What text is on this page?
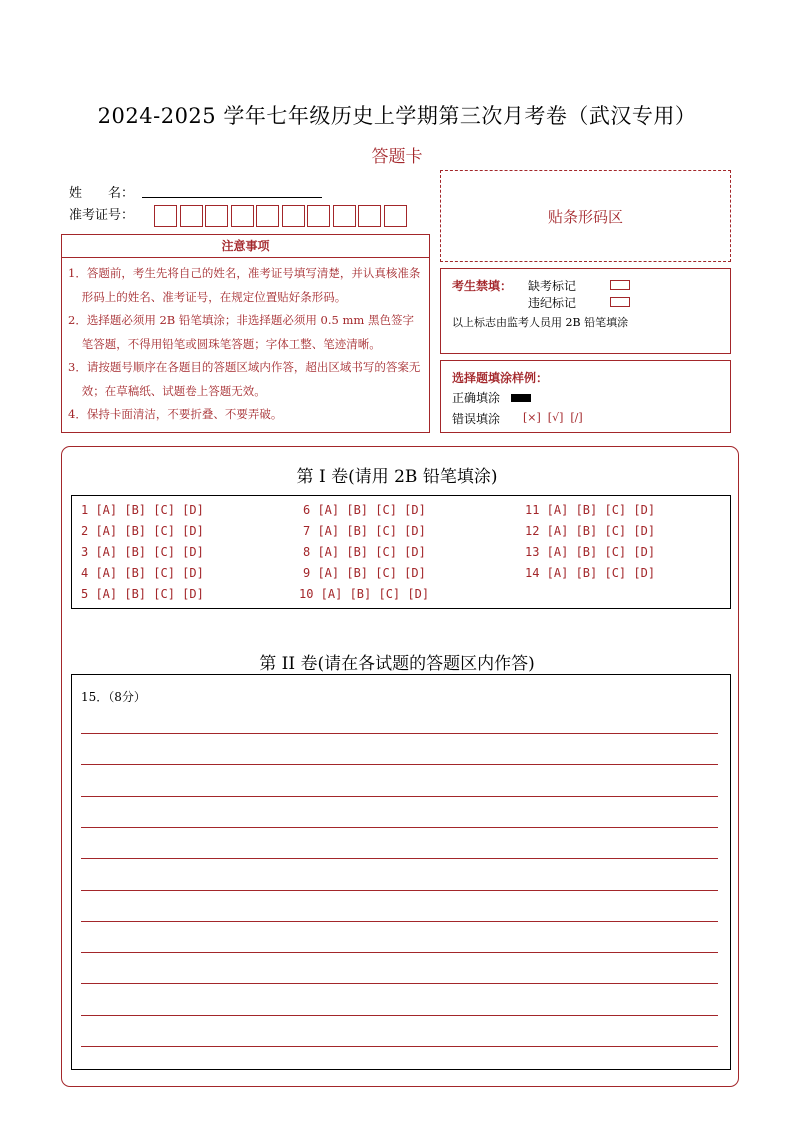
2024-2025 学年七年级历史上学期第三次月考卷（武汉专用）
答题卡
姓　　名：
准考证号：	贴条形码区
注意事项
1．答题前，考生先将自己的姓名，准考证号填写清楚，并认真核准条形码上的姓名、准考证号，在规定位置贴好条形码。
2．选择题必须用 2B 铅笔填涂；非选择题必须用 0.5 mm 黑色签字笔答题，不得用铅笔或圆珠笔答题；字体工整、笔迹清晰。
3．请按题号顺序在各题目的答题区域内作答，超出区域书写的答案无效；在草稿纸、试题卷上答题无效。
4．保持卡面清洁，不要折叠、不要弄破。
考生禁填： 缺考标记
违纪标记
以上标志由监考人员用 2B 铅笔填涂
选择题填涂样例：
正确填涂
错误填涂 [×]  [√]  [/]
第 I 卷(请用 2B 铅笔填涂)
1 [A] [B] [C] [D]
2 [A] [B] [C] [D]
3 [A] [B] [C] [D]
4 [A] [B] [C] [D]
5 [A] [B] [C] [D]
6 [A] [B] [C] [D]
7 [A] [B] [C] [D]
8 [A] [B] [C] [D]
9 [A] [B] [C] [D]
10 [A] [B] [C] [D]
11 [A] [B] [C] [D]
12 [A] [B] [C] [D]
13 [A] [B] [C] [D]
14 [A] [B] [C] [D]
第 II 卷(请在各试题的答题区内作答)
15．（8分）
